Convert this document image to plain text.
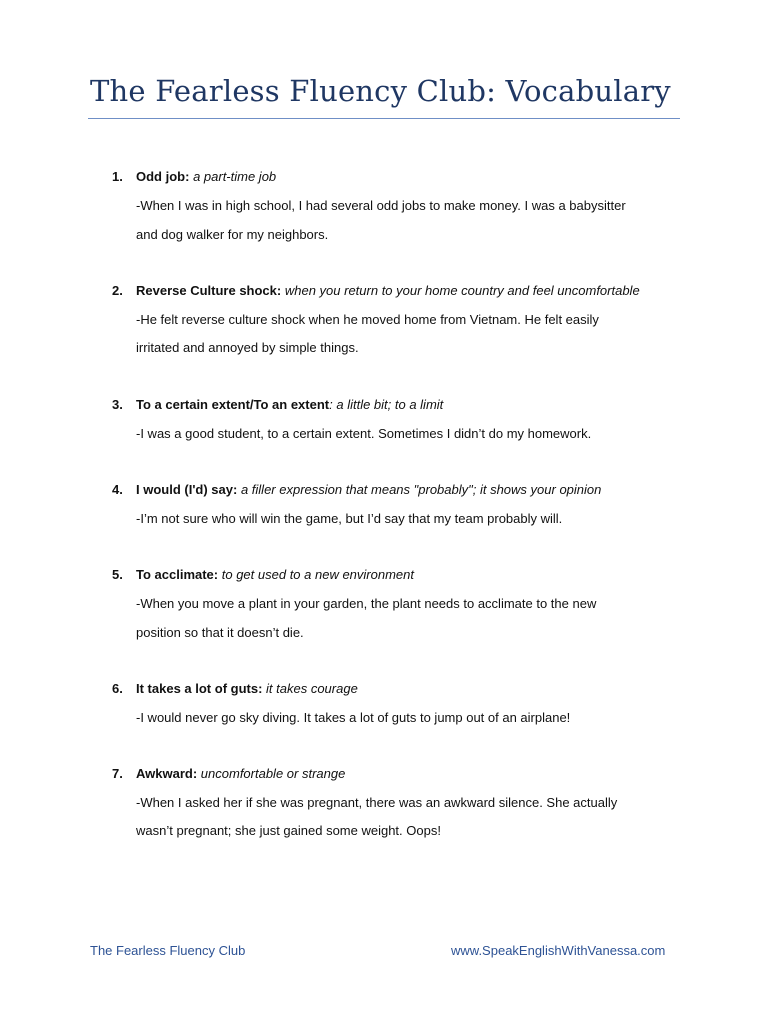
The Fearless Fluency Club: Vocabulary
1. Odd job: a part-time job
-When I was in high school, I had several odd jobs to make money. I was a babysitter
and dog walker for my neighbors.
2. Reverse Culture shock: when you return to your home country and feel uncomfortable
-He felt reverse culture shock when he moved home from Vietnam. He felt easily
irritated and annoyed by simple things.
3. To a certain extent/To an extent: a little bit; to a limit
-I was a good student, to a certain extent. Sometimes I didn’t do my homework.
4. I would (I'd) say: a filler expression that means "probably"; it shows your opinion
-I’m not sure who will win the game, but I’d say that my team probably will.
5. To acclimate: to get used to a new environment
-When you move a plant in your garden, the plant needs to acclimate to the new
position so that it doesn’t die.
6. It takes a lot of guts: it takes courage
-I would never go sky diving. It takes a lot of guts to jump out of an airplane!
7. Awkward: uncomfortable or strange
-When I asked her if she was pregnant, there was an awkward silence. She actually
wasn’t pregnant; she just gained some weight. Oops!
The Fearless Fluency Club	www.SpeakEnglishWithVanessa.com
